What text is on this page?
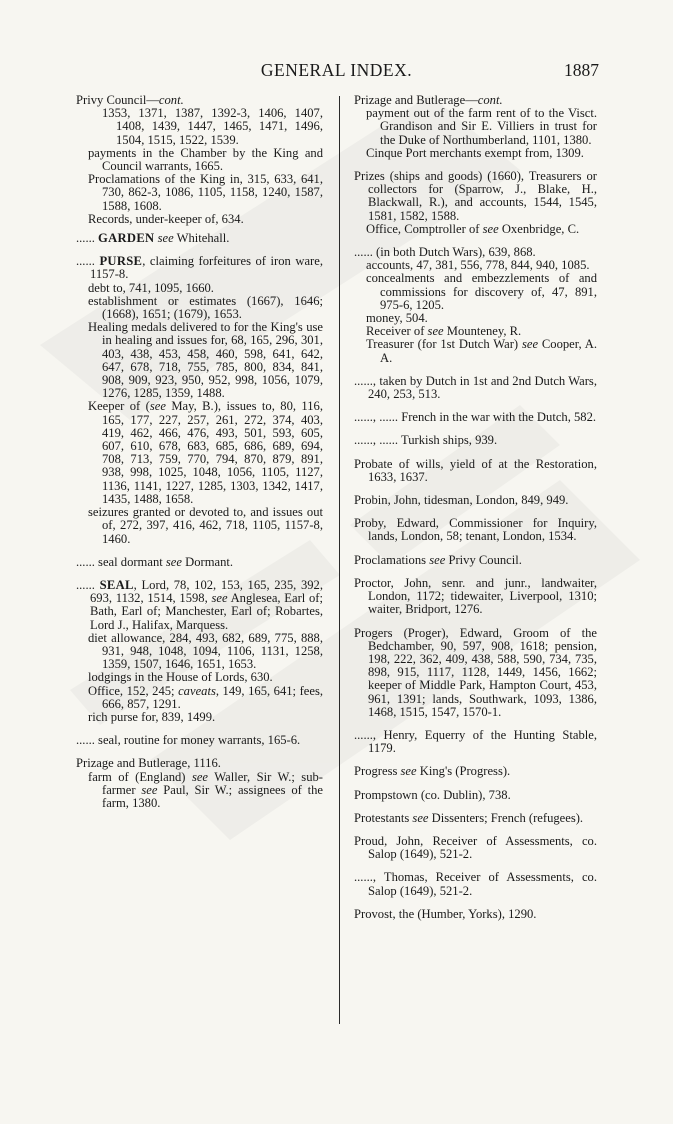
GENERAL INDEX.	1887

Privy Council—cont.

1353, 1371, 1387, 1392-3, 1406, 1407, 1408, 1439, 1447, 1465, 1471, 1496, 1504, 1515, 1522, 1539.

payments in the Chamber by the King and Council warrants, 1665.

Proclamations of the King in, 315, 633, 641, 730, 862-3, 1086, 1105, 1158, 1240, 1587, 1588, 1608.

Records, under-keeper of, 634.

...... GARDEN see Whitehall.

...... PURSE, claiming forfeitures of iron ware, 1157-8.

debt to, 741, 1095, 1660.

establishment or estimates (1667), 1646; (1668), 1651; (1679), 1653.

Healing medals delivered to for the King's use in healing and issues for, 68, 165, 296, 301, 403, 438, 453, 458, 460, 598, 641, 642, 647, 678, 718, 755, 785, 800, 834, 841, 908, 909, 923, 950, 952, 998, 1056, 1079, 1276, 1285, 1359, 1488.

Keeper of (see May, B.), issues to, 80, 116, 165, 177, 227, 257, 261, 272, 374, 403, 419, 462, 466, 476, 493, 501, 593, 605, 607, 610, 678, 683, 685, 686, 689, 694, 708, 713, 759, 770, 794, 870, 879, 891, 938, 998, 1025, 1048, 1056, 1105, 1127, 1136, 1141, 1227, 1285, 1303, 1342, 1417, 1435, 1488, 1658.

seizures granted or devoted to, and issues out of, 272, 397, 416, 462, 718, 1105, 1157-8, 1460.

...... seal dormant see Dormant.

...... SEAL, Lord, 78, 102, 153, 165, 235, 392, 693, 1132, 1514, 1598, see Anglesea, Earl of; Bath, Earl of; Manchester, Earl of; Robartes, Lord J., Halifax, Marquess.

diet allowance, 284, 493, 682, 689, 775, 888, 931, 948, 1048, 1094, 1106, 1131, 1258, 1359, 1507, 1646, 1651, 1653.

lodgings in the House of Lords, 630.

Office, 152, 245; caveats, 149, 165, 641; fees, 666, 857, 1291.

rich purse for, 839, 1499.

...... seal, routine for money warrants, 165-6.

Prizage and Butlerage, 1116.

farm of (England) see Waller, Sir W.; sub-farmer see Paul, Sir W.; assignees of the farm, 1380.

Prizage and Butlerage—cont.

payment out of the farm rent of to the Visct. Grandison and Sir E. Villiers in trust for the Duke of Northumberland, 1101, 1380.

Cinque Port merchants exempt from, 1309.

Prizes (ships and goods) (1660), Treasurers or collectors for (Sparrow, J., Blake, H., Blackwall, R.), and accounts, 1544, 1545, 1581, 1582, 1588.

Office, Comptroller of see Oxenbridge, C.

...... (in both Dutch Wars), 639, 868.

accounts, 47, 381, 556, 778, 844, 940, 1085.

concealments and embezzlements of and commissions for discovery of, 47, 891, 975-6, 1205.

money, 504.

Receiver of see Mounteney, R.

Treasurer (for 1st Dutch War) see Cooper, A. A.

......, taken by Dutch in 1st and 2nd Dutch Wars, 240, 253, 513.

......, ...... French in the war with the Dutch, 582.

......, ...... Turkish ships, 939.

Probate of wills, yield of at the Restoration, 1633, 1637.

Probin, John, tidesman, London, 849, 949.

Proby, Edward, Commissioner for Inquiry, lands, London, 58; tenant, London, 1534.

Proclamations see Privy Council.

Proctor, John, senr. and junr., landwaiter, London, 1172; tidewaiter, Liverpool, 1310; waiter, Bridport, 1276.

Progers (Proger), Edward, Groom of the Bedchamber, 90, 597, 908, 1618; pension, 198, 222, 362, 409, 438, 588, 590, 734, 735, 898, 915, 1117, 1128, 1449, 1456, 1662; keeper of Middle Park, Hampton Court, 453, 961, 1391; lands, Southwark, 1093, 1386, 1468, 1515, 1547, 1570-1.

......, Henry, Equerry of the Hunting Stable, 1179.

Progress see King's (Progress).

Prompstown (co. Dublin), 738.

Protestants see Dissenters; French (refugees).

Proud, John, Receiver of Assessments, co. Salop (1649), 521-2.

......, Thomas, Receiver of Assessments, co. Salop (1649), 521-2.

Provost, the (Humber, Yorks), 1290.
